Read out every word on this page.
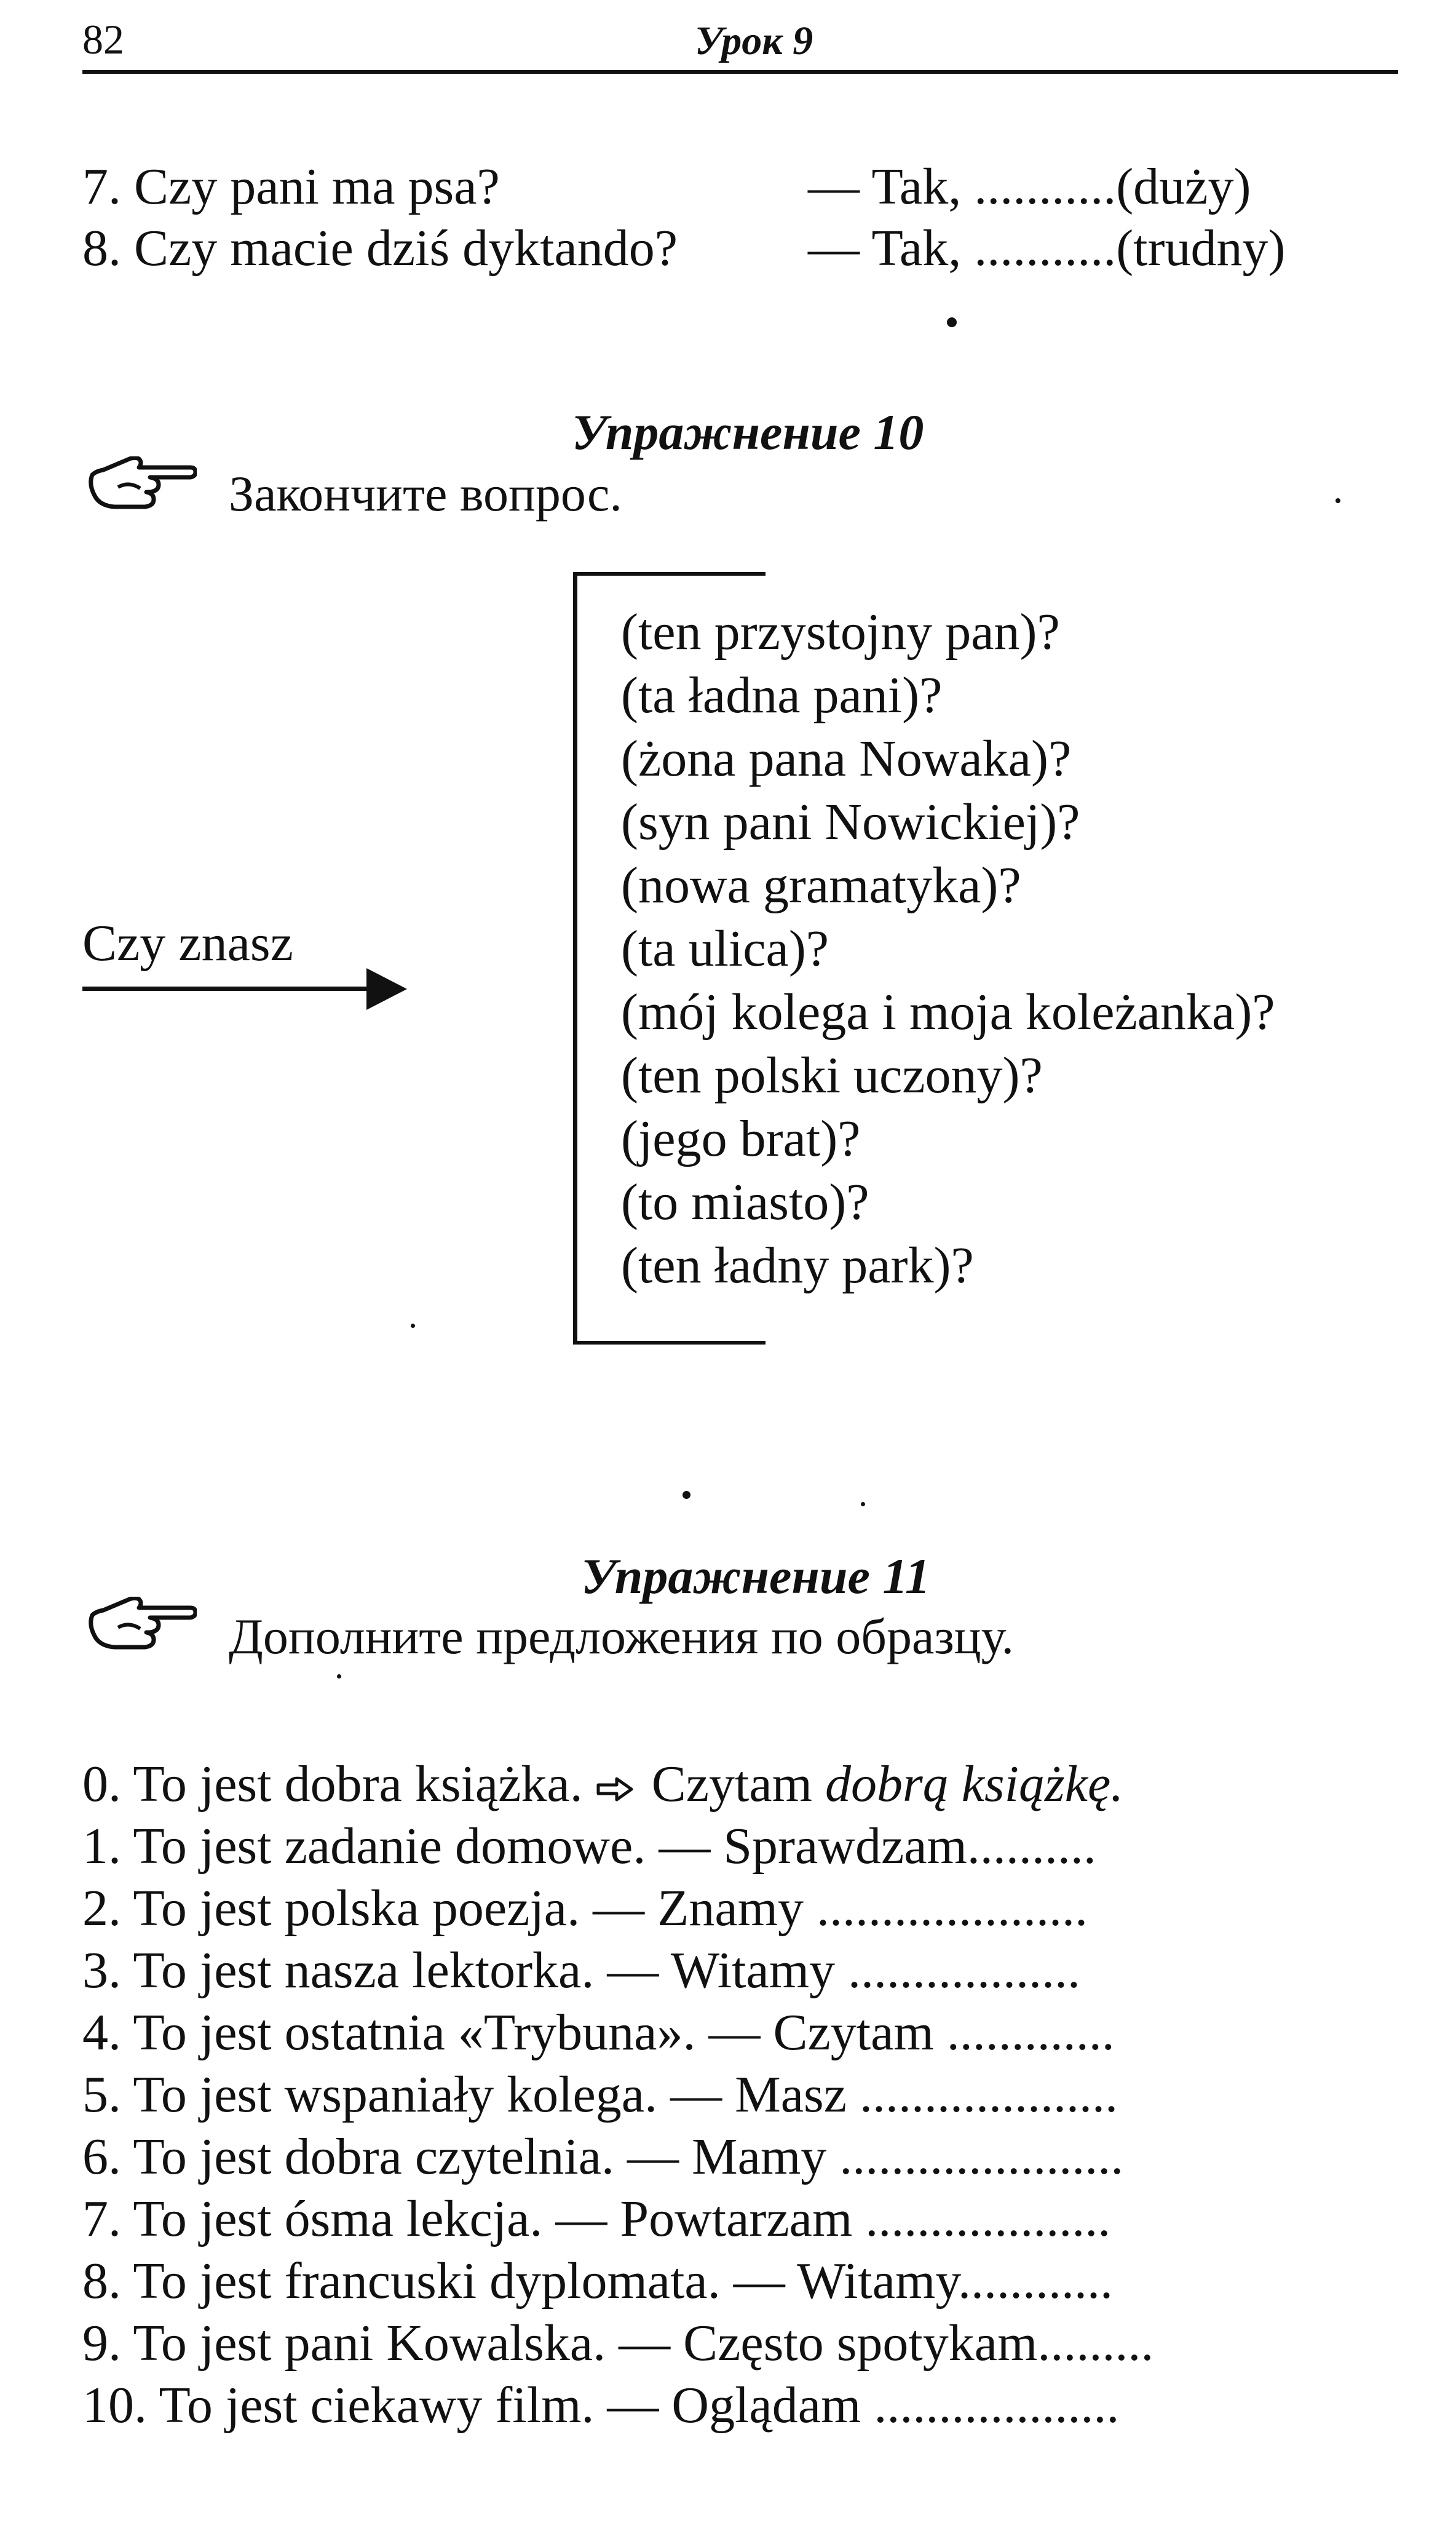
82	Урок 9
7. Czy pani ma psa?	— Tak, ...........(duży)
8. Czy macie dziś dyktando?	— Tak, ...........(trudny)
Упражнение 10
Закончите вопрос.
Czy znasz
(ten przystojny pan)?
(ta ładna pani)?
(żona pana Nowaka)?
(syn pani Nowickiej)?
(nowa gramatyka)?
(ta ulica)?
(mój kolega i moja koleżanka)?
(ten polski uczony)?
(jego brat)?
(to miasto)?
(ten ładny park)?
Упражнение 11
Дополните предложения по образцу.
0. To jest dobra książka.  Czytam dobrą książkę.
1. To jest zadanie domowe. — Sprawdzam..........
2. To jest polska poezja. — Znamy .....................
3. To jest nasza lektorka. — Witamy ..................
4. To jest ostatnia «Trybuna». — Czytam .............
5. To jest wspaniały kolega. — Masz ....................
6. To jest dobra czytelnia. — Mamy ......................
7. To jest ósma lekcja. — Powtarzam ...................
8. To jest francuski dyplomata. — Witamy............
9. To jest pani Kowalska. — Często spotykam.........
10. To jest ciekawy film. — Oglądam ...................
